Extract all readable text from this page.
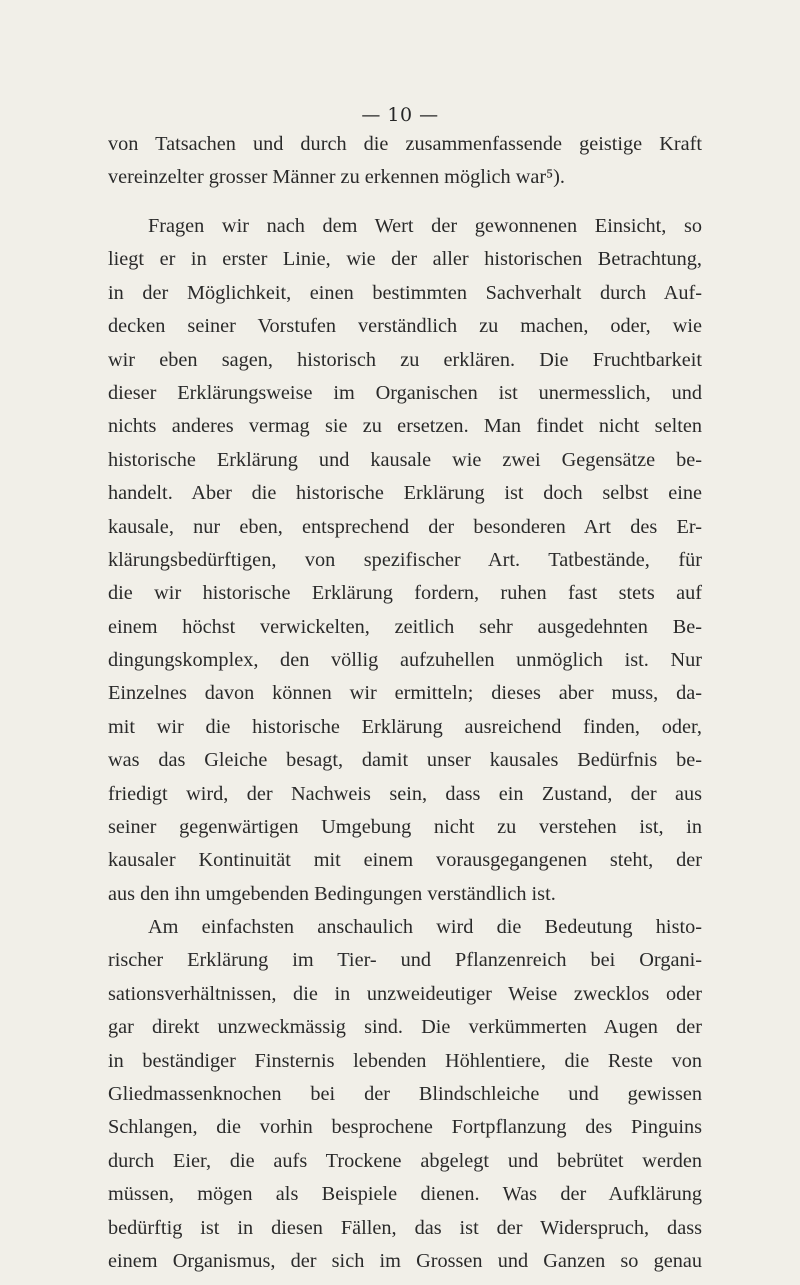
— 10 —
von Tatsachen und durch die zusammenfassende geistige Kraft
vereinzelter grosser Männer zu erkennen möglich war⁵).
Fragen wir nach dem Wert der gewonnenen Einsicht, so
liegt er in erster Linie, wie der aller historischen Betrachtung,
in der Möglichkeit, einen bestimmten Sachverhalt durch Auf-
decken seiner Vorstufen verständlich zu machen, oder, wie
wir eben sagen, historisch zu erklären. Die Fruchtbarkeit
dieser Erklärungsweise im Organischen ist unermesslich, und
nichts anderes vermag sie zu ersetzen. Man findet nicht selten
historische Erklärung und kausale wie zwei Gegensätze be-
handelt. Aber die historische Erklärung ist doch selbst eine
kausale, nur eben, entsprechend der besonderen Art des Er-
klärungsbedürftigen, von spezifischer Art. Tatbestände, für
die wir historische Erklärung fordern, ruhen fast stets auf
einem höchst verwickelten, zeitlich sehr ausgedehnten Be-
dingungskomplex, den völlig aufzuhellen unmöglich ist. Nur
Einzelnes davon können wir ermitteln; dieses aber muss, da-
mit wir die historische Erklärung ausreichend finden, oder,
was das Gleiche besagt, damit unser kausales Bedürfnis be-
friedigt wird, der Nachweis sein, dass ein Zustand, der aus
seiner gegenwärtigen Umgebung nicht zu verstehen ist, in
kausaler Kontinuität mit einem vorausgegangenen steht, der
aus den ihn umgebenden Bedingungen verständlich ist.
Am einfachsten anschaulich wird die Bedeutung histo-
rischer Erklärung im Tier- und Pflanzenreich bei Organi-
sationsverhältnissen, die in unzweideutiger Weise zwecklos oder
gar direkt unzweckmässig sind. Die verkümmerten Augen der
in beständiger Finsternis lebenden Höhlentiere, die Reste von
Gliedmassenknochen bei der Blindschleiche und gewissen
Schlangen, die vorhin besprochene Fortpflanzung des Pinguins
durch Eier, die aufs Trockene abgelegt und bebrütet werden
müssen, mögen als Beispiele dienen. Was der Aufklärung
bedürftig ist in diesen Fällen, das ist der Widerspruch, dass
einem Organismus, der sich im Grossen und Ganzen so genau
